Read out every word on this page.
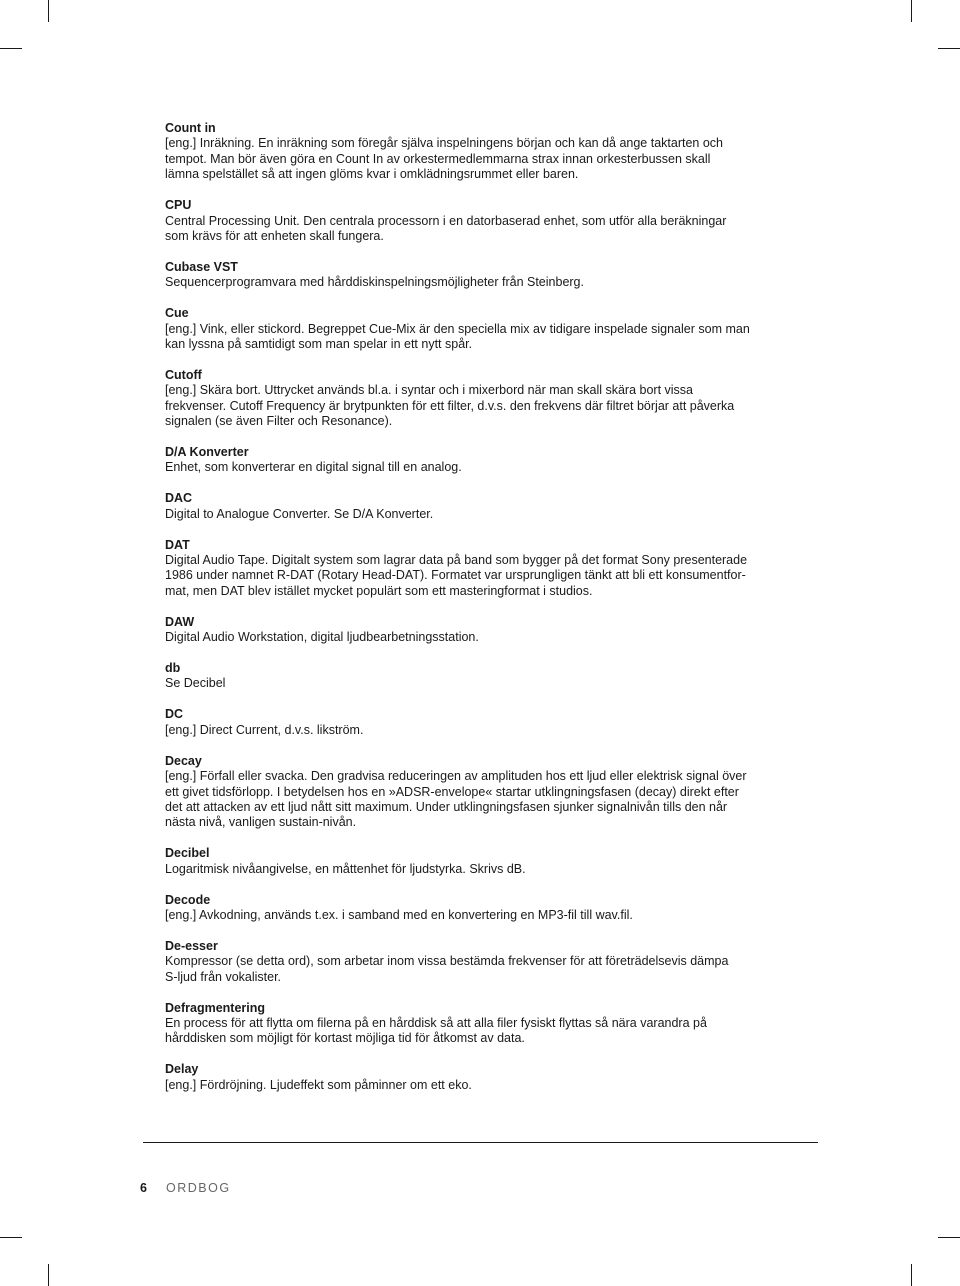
Count in
[eng.] Inräkning. En inräkning som föregår själva inspelningens början och kan då ange taktarten och
tempot. Man bör även göra en Count In av orkestermedlemmarna strax innan orkesterbussen skall
lämna spelstället så att ingen glöms kvar i omklädningsrummet eller baren.
CPU
Central Processing Unit. Den centrala processorn i en datorbaserad enhet, som utför alla beräkningar
som krävs för att enheten skall fungera.
Cubase VST
Sequencerprogramvara med hårddiskinspelningsmöjligheter från Steinberg.
Cue
[eng.] Vink, eller stickord. Begreppet Cue-Mix är den speciella mix av tidigare inspelade signaler som man
kan lyssna på samtidigt som man spelar in ett nytt spår.
Cutoff
[eng.] Skära bort. Uttrycket används bl.a. i syntar och i mixerbord när man skall skära bort vissa
frekvenser. Cutoff Frequency är brytpunkten för ett filter, d.v.s. den frekvens där filtret börjar att påverka
signalen (se även Filter och Resonance).
D/A Konverter
Enhet, som konverterar en digital signal till en analog.
DAC
Digital to Analogue Converter. Se D/A Konverter.
DAT
Digital Audio Tape. Digitalt system som lagrar data på band som bygger på det format Sony presenterade
1986 under namnet R-DAT (Rotary Head-DAT). Formatet var ursprungligen tänkt att bli ett konsumentfor-
mat, men DAT blev istället mycket populärt som ett masteringformat i studios.
DAW
Digital Audio Workstation, digital ljudbearbetningsstation.
db
Se Decibel
DC
[eng.] Direct Current, d.v.s. likström.
Decay
[eng.] Förfall eller svacka. Den gradvisa reduceringen av amplituden hos ett ljud eller elektrisk signal över
ett givet tidsförlopp. I betydelsen hos en »ADSR-envelope« startar utklingningsfasen (decay) direkt efter
det att attacken av ett ljud nått sitt maximum. Under utklingningsfasen sjunker signalnivån tills den når
nästa nivå, vanligen sustain-nivån.
Decibel
Logaritmisk nivåangivelse, en måttenhet för ljudstyrka. Skrivs dB.
Decode
[eng.] Avkodning, används t.ex. i samband med en konvertering en MP3-fil till wav.fil.
De-esser
Kompressor (se detta ord), som arbetar inom vissa bestämda frekvenser för att företrädelsevis dämpa
S-ljud från vokalister.
Defragmentering
En process för att flytta om filerna på en hårddisk så att alla filer fysiskt flyttas så nära varandra på
hårddisken som möjligt för kortast möjliga tid för åtkomst av data.
Delay
[eng.] Fördröjning. Ljudeffekt som påminner om ett eko.
6 ORDBOG
